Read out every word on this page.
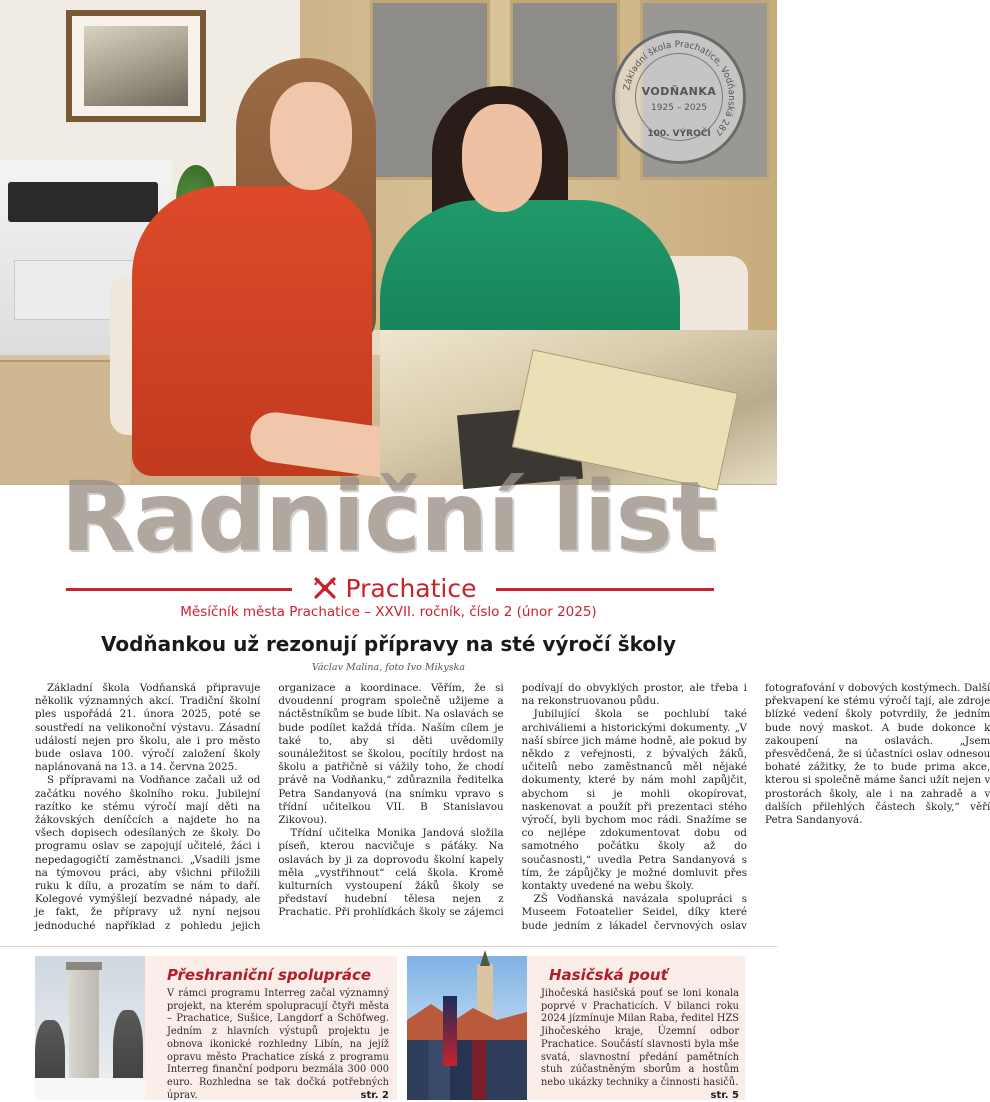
Základní škola Prachatice, Vodňanská 287
VODŇANKA
1925 – 2025
100. VÝROČÍ
Radniční list
Prachatice
Měsíčník města Prachatice – XXVII. ročník, číslo 2 (únor 2025)
Vodňankou už rezonují přípravy na sté výročí školy
Václav Malina, foto Ivo Mikyska

Základní škola Vodňanská připravuje několik významných akcí. Tradiční školní ples uspořádá 21. února 2025, poté se soustředí na velikonoční výstavu. Zásadní událostí nejen pro školu, ale i pro město bude oslava 100. výročí založení školy naplánovaná na 13. a 14. června 2025.

S přípravami na Vodňance začali už od začátku nového školního roku. Jubilejní razítko ke stému výročí mají děti na žákovských deníčcích a najdete ho na všech dopisech odesílaných ze školy. Do programu oslav se zapojují učitelé, žáci i nepedagogičtí zaměstnanci. „Vsadili jsme na týmovou práci, aby všichni přiložili ruku k dílu, a prozatím se nám to daří. Kolegové vymýšlejí bezvadné nápady, ale je fakt, že přípravy už nyní nejsou jednoduché například z pohledu jejich organizace a koordinace. Věřím, že si dvoudenní program společně užijeme a náctěstníkům se bude líbit. Na oslavách se bude podílet každá třída. Naším cílem je také to, aby si děti uvědomily sounáležitost se školou, pocítily hrdost na školu a patřičně si vážily toho, že chodí právě na Vodňanku,“ zdůraznila ředitelka Petra Sandanyová (na snímku vpravo s třídní učitelkou VII. B Stanislavou Zikovou).

Třídní učitelka Monika Jandová složila píseň, kterou nacvičuje s páťáky. Na oslavách by ji za doprovodu školní kapely měla „vystřihnout“ celá škola. Kromě kulturních vystoupení žáků školy se představí hudební tělesa nejen z Prachatic. Při prohlídkách školy se zájemci podívají do obvyklých prostor, ale třeba i na rekonstruovanou půdu.

Jubilující škola se pochlubí také archiváliemi a historickými dokumenty. „V naší sbírce jich máme hodně, ale pokud by někdo z veřejnosti, z bývalých žáků, učitelů nebo zaměstnanců měl nějaké dokumenty, které by nám mohl zapůjčit, abychom si je mohli okopírovat, naskenovat a použít při prezentaci stého výročí, byli bychom moc rádi. Snažíme se co nejlépe zdokumentovat dobu od samotného počátku školy až do současnosti,“ uvedla Petra Sandanyová s tím, že zápůjčky je možné domluvit přes kontakty uvedené na webu školy.

ZŠ Vodňanská navázala spolupráci s Museem Fotoatelier Seidel, díky které bude jedním z lákadel červnových oslav fotografování v dobových kostýmech. Další překvapení ke stému výročí tají, ale zdroje blízké vedení školy potvrdily, že jedním bude nový maskot. A bude dokonce k zakoupení na oslavách. „Jsem přesvědčená, že si účastníci oslav odnesou bohaté zážitky, že to bude prima akce, kterou si společně máme šanci užít nejen v prostorách školy, ale i na zahradě a v dalších přilehlých částech školy,“ věří Petra Sandanyová.

Přeshraniční spolupráce
V rámci programu Interreg začal významný projekt, na kterém spolupracují čtyři města – Prachatice, Sušice, Langdorf a Schöfweg. Jedním z hlavních výstupů projektu je obnova ikonické rozhledny Libín, na jejíž opravu město Prachatice získá z programu Interreg finanční podporu bezmála 300 000 euro. Rozhledna se tak dočká potřebných úprav.	str. 2
Hasičská pouť
Jihočeská hasičská pouť se loni konala poprvé v Prachaticích. V bilanci roku 2024 jízmínuje Milan Raba, ředitel HZS Jihočeského kraje, Územní odbor Prachatice. Součástí slavnosti byla mše svatá, slavnostní předání pamětních stuh zúčastněným sborům a hostům nebo ukázky techniky a činnosti hasičů.
str. 5
